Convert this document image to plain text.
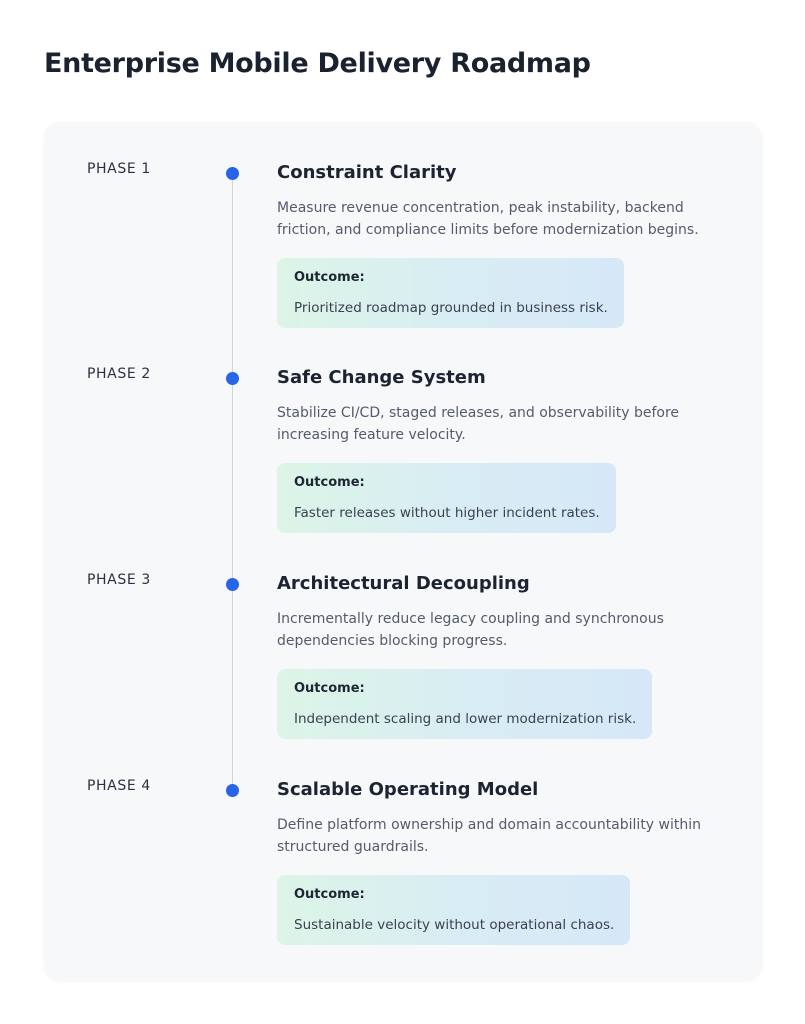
Enterprise Mobile Delivery Roadmap
PHASE 1	Constraint Clarity
Measure revenue concentration, peak instability, backend friction, and compliance limits before modernization begins.
Outcome:
Prioritized roadmap grounded in business risk.
PHASE 2	Safe Change System
Stabilize CI/CD, staged releases, and observability before increasing feature velocity.
Outcome:
Faster releases without higher incident rates.
PHASE 3	Architectural Decoupling
Incrementally reduce legacy coupling and synchronous dependencies blocking progress.
Outcome:
Independent scaling and lower modernization risk.
PHASE 4	Scalable Operating Model
Define platform ownership and domain accountability within structured guardrails.
Outcome:
Sustainable velocity without operational chaos.
